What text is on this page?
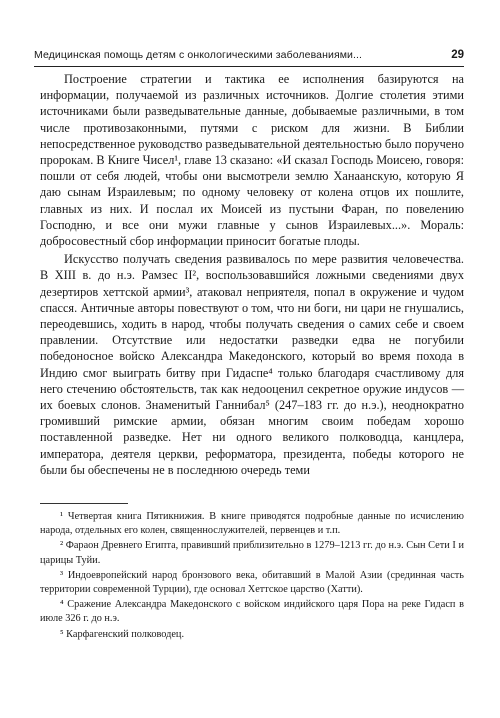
Медицинская помощь детям с онкологическими заболеваниями...	29

Построение стратегии и тактика ее исполнения базируются на информации, получаемой из различных источников. Долгие столетия этими источниками были разведывательные данные, добываемые различными, в том числе противозаконными, путями с риском для жизни. В Библии непосредственное руководство разведывательной деятельностью было поручено пророкам. В Книге Чисел¹, главе 13 сказано: «И сказал Господь Моисею, говоря: пошли от себя людей, чтобы они высмотрели землю Ханаанскую, которую Я даю сынам Израилевым; по одному человеку от колена отцов их пошлите, главных из них. И послал их Моисей из пустыни Фаран, по повелению Господню, и все они мужи главные у сынов Израилевых...». Мораль: добросовестный сбор информации приносит богатые плоды.

Искусство получать сведения развивалось по мере развития человечества. В XIII в. до н.э. Рамзес II², воспользовавшийся ложными сведениями двух дезертиров хеттской армии³, атаковал неприятеля, попал в окружение и чудом спасся. Античные авторы повествуют о том, что ни боги, ни цари не гнушались, переодевшись, ходить в народ, чтобы получать сведения о самих себе и своем правлении. Отсутствие или недостатки разведки едва не погубили победоносное войско Александра Македонского, который во время похода в Индию смог выиграть битву при Гидаспе⁴ только благодаря счастливому для него стечению обстоятельств, так как недооценил секретное оружие индусов — их боевых слонов. Знаменитый Ганнибал⁵ (247–183 гг. до н.э.), неоднократно громивший римские армии, обязан многим своим победам хорошо поставленной разведке. Нет ни одного великого полководца, канцлера, императора, деятеля церкви, реформатора, президента, победы которого не были бы обеспечены не в последнюю очередь теми

¹ Четвертая книга Пятикнижия. В книге приводятся подробные данные по исчислению народа, отдельных его колен, священнослужителей, первенцев и т.п.

² Фараон Древнего Египта, правивший приблизительно в 1279–1213 гг. до н.э. Сын Сети I и царицы Туйи.

³ Индоевропейский народ бронзового века, обитавший в Малой Азии (срединная часть территории современной Турции), где основал Хеттское царство (Хатти).

⁴ Сражение Александра Македонского с войском индийского царя Пора на реке Гидасп в июле 326 г. до н.э.

⁵ Карфагенский полководец.
